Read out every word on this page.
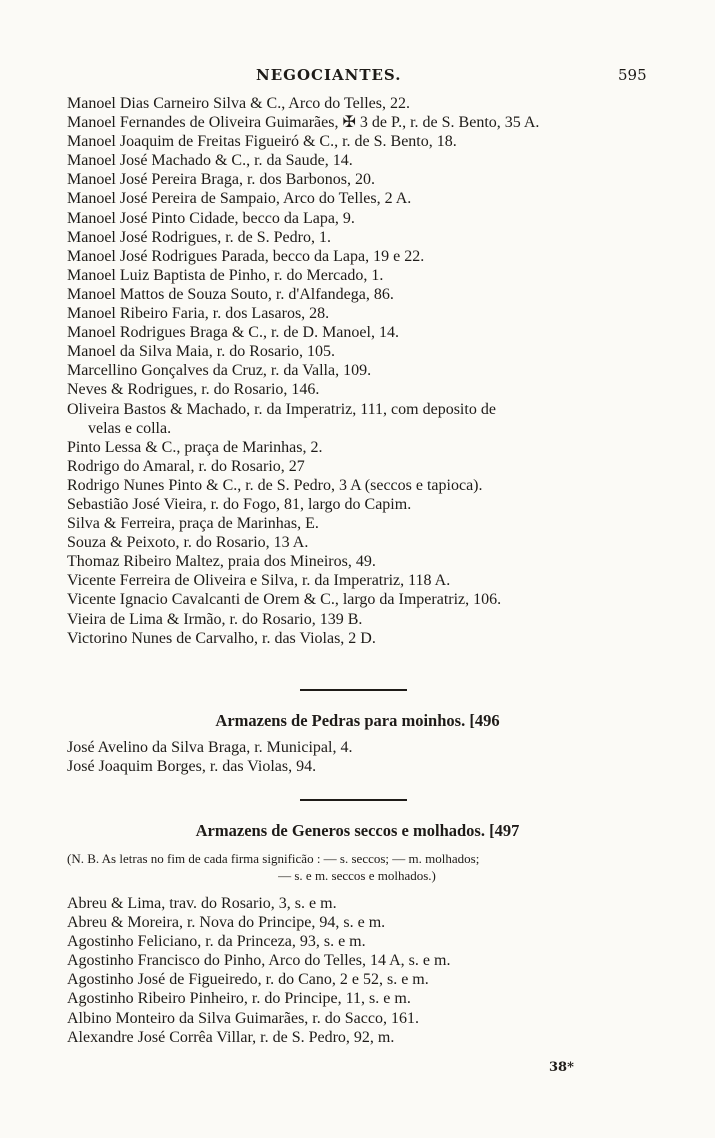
NEGOCIANTES.	595
Manoel Dias Carneiro Silva & C., Arco do Telles, 22.
Manoel Fernandes de Oliveira Guimarães, ✠ 3 de P., r. de S. Bento, 35 A.
Manoel Joaquim de Freitas Figueiró & C., r. de S. Bento, 18.
Manoel José Machado & C., r. da Saude, 14.
Manoel José Pereira Braga, r. dos Barbonos, 20.
Manoel José Pereira de Sampaio, Arco do Telles, 2 A.
Manoel José Pinto Cidade, becco da Lapa, 9.
Manoel José Rodrigues, r. de S. Pedro, 1.
Manoel José Rodrigues Parada, becco da Lapa, 19 e 22.
Manoel Luiz Baptista de Pinho, r. do Mercado, 1.
Manoel Mattos de Souza Souto, r. d'Alfandega, 86.
Manoel Ribeiro Faria, r. dos Lasaros, 28.
Manoel Rodrigues Braga & C., r. de D. Manoel, 14.
Manoel da Silva Maia, r. do Rosario, 105.
Marcellino Gonçalves da Cruz, r. da Valla, 109.
Neves & Rodrigues, r. do Rosario, 146.
Oliveira Bastos & Machado, r. da Imperatriz, 111, com deposito de
velas e colla.
Pinto Lessa & C., praça de Marinhas, 2.
Rodrigo do Amaral, r. do Rosario, 27
Rodrigo Nunes Pinto & C., r. de S. Pedro, 3 A (seccos e tapioca).
Sebastião José Vieira, r. do Fogo, 81, largo do Capim.
Silva & Ferreira, praça de Marinhas, E.
Souza & Peixoto, r. do Rosario, 13 A.
Thomaz Ribeiro Maltez, praia dos Mineiros, 49.
Vicente Ferreira de Oliveira e Silva, r. da Imperatriz, 118 A.
Vicente Ignacio Cavalcanti de Orem & C., largo da Imperatriz, 106.
Vieira de Lima & Irmão, r. do Rosario, 139 B.
Victorino Nunes de Carvalho, r. das Violas, 2 D.
Armazens de Pedras para moinhos. [496
José Avelino da Silva Braga, r. Municipal, 4.
José Joaquim Borges, r. das Violas, 94.
Armazens de Generos seccos e molhados. [497
(N. B. As letras no fim de cada firma significão : — s. seccos; — m. molhados;
— s. e m. seccos e molhados.)
Abreu & Lima, trav. do Rosario, 3, s. e m.
Abreu & Moreira, r. Nova do Principe, 94, s. e m.
Agostinho Feliciano, r. da Princeza, 93, s. e m.
Agostinho Francisco do Pinho, Arco do Telles, 14 A, s. e m.
Agostinho José de Figueiredo, r. do Cano, 2 e 52, s. e m.
Agostinho Ribeiro Pinheiro, r. do Principe, 11, s. e m.
Albino Monteiro da Silva Guimarães, r. do Sacco, 161.
Alexandre José Corrêa Villar, r. de S. Pedro, 92, m.
38*
